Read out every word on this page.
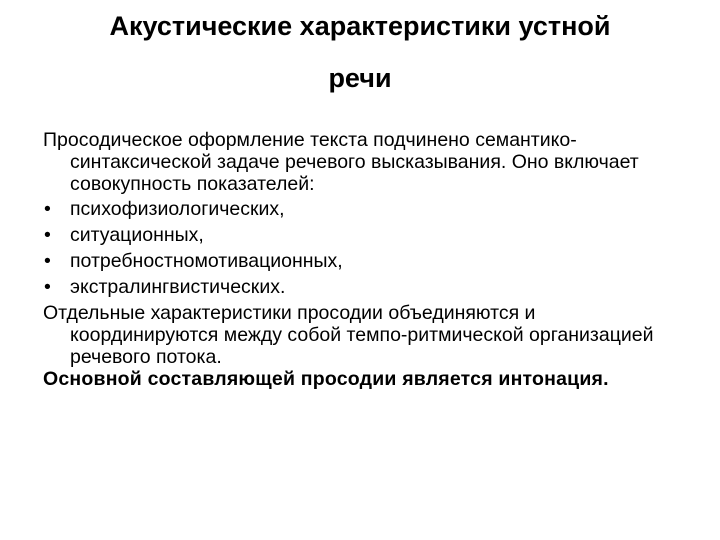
Акустические характеристики устной
речи

Просодическое оформление текста подчинено семантико-синтаксической задаче речевого высказывания. Оно включает совокупность показателей:

• психофизиологических,
• ситуационных,
• потребностномотивационных,
• экстралингвистических.

Отдельные характеристики просодии объединяются и координируются между собой темпо-ритмической организацией речевого потока.

Основной составляющей просодии является интонация.
